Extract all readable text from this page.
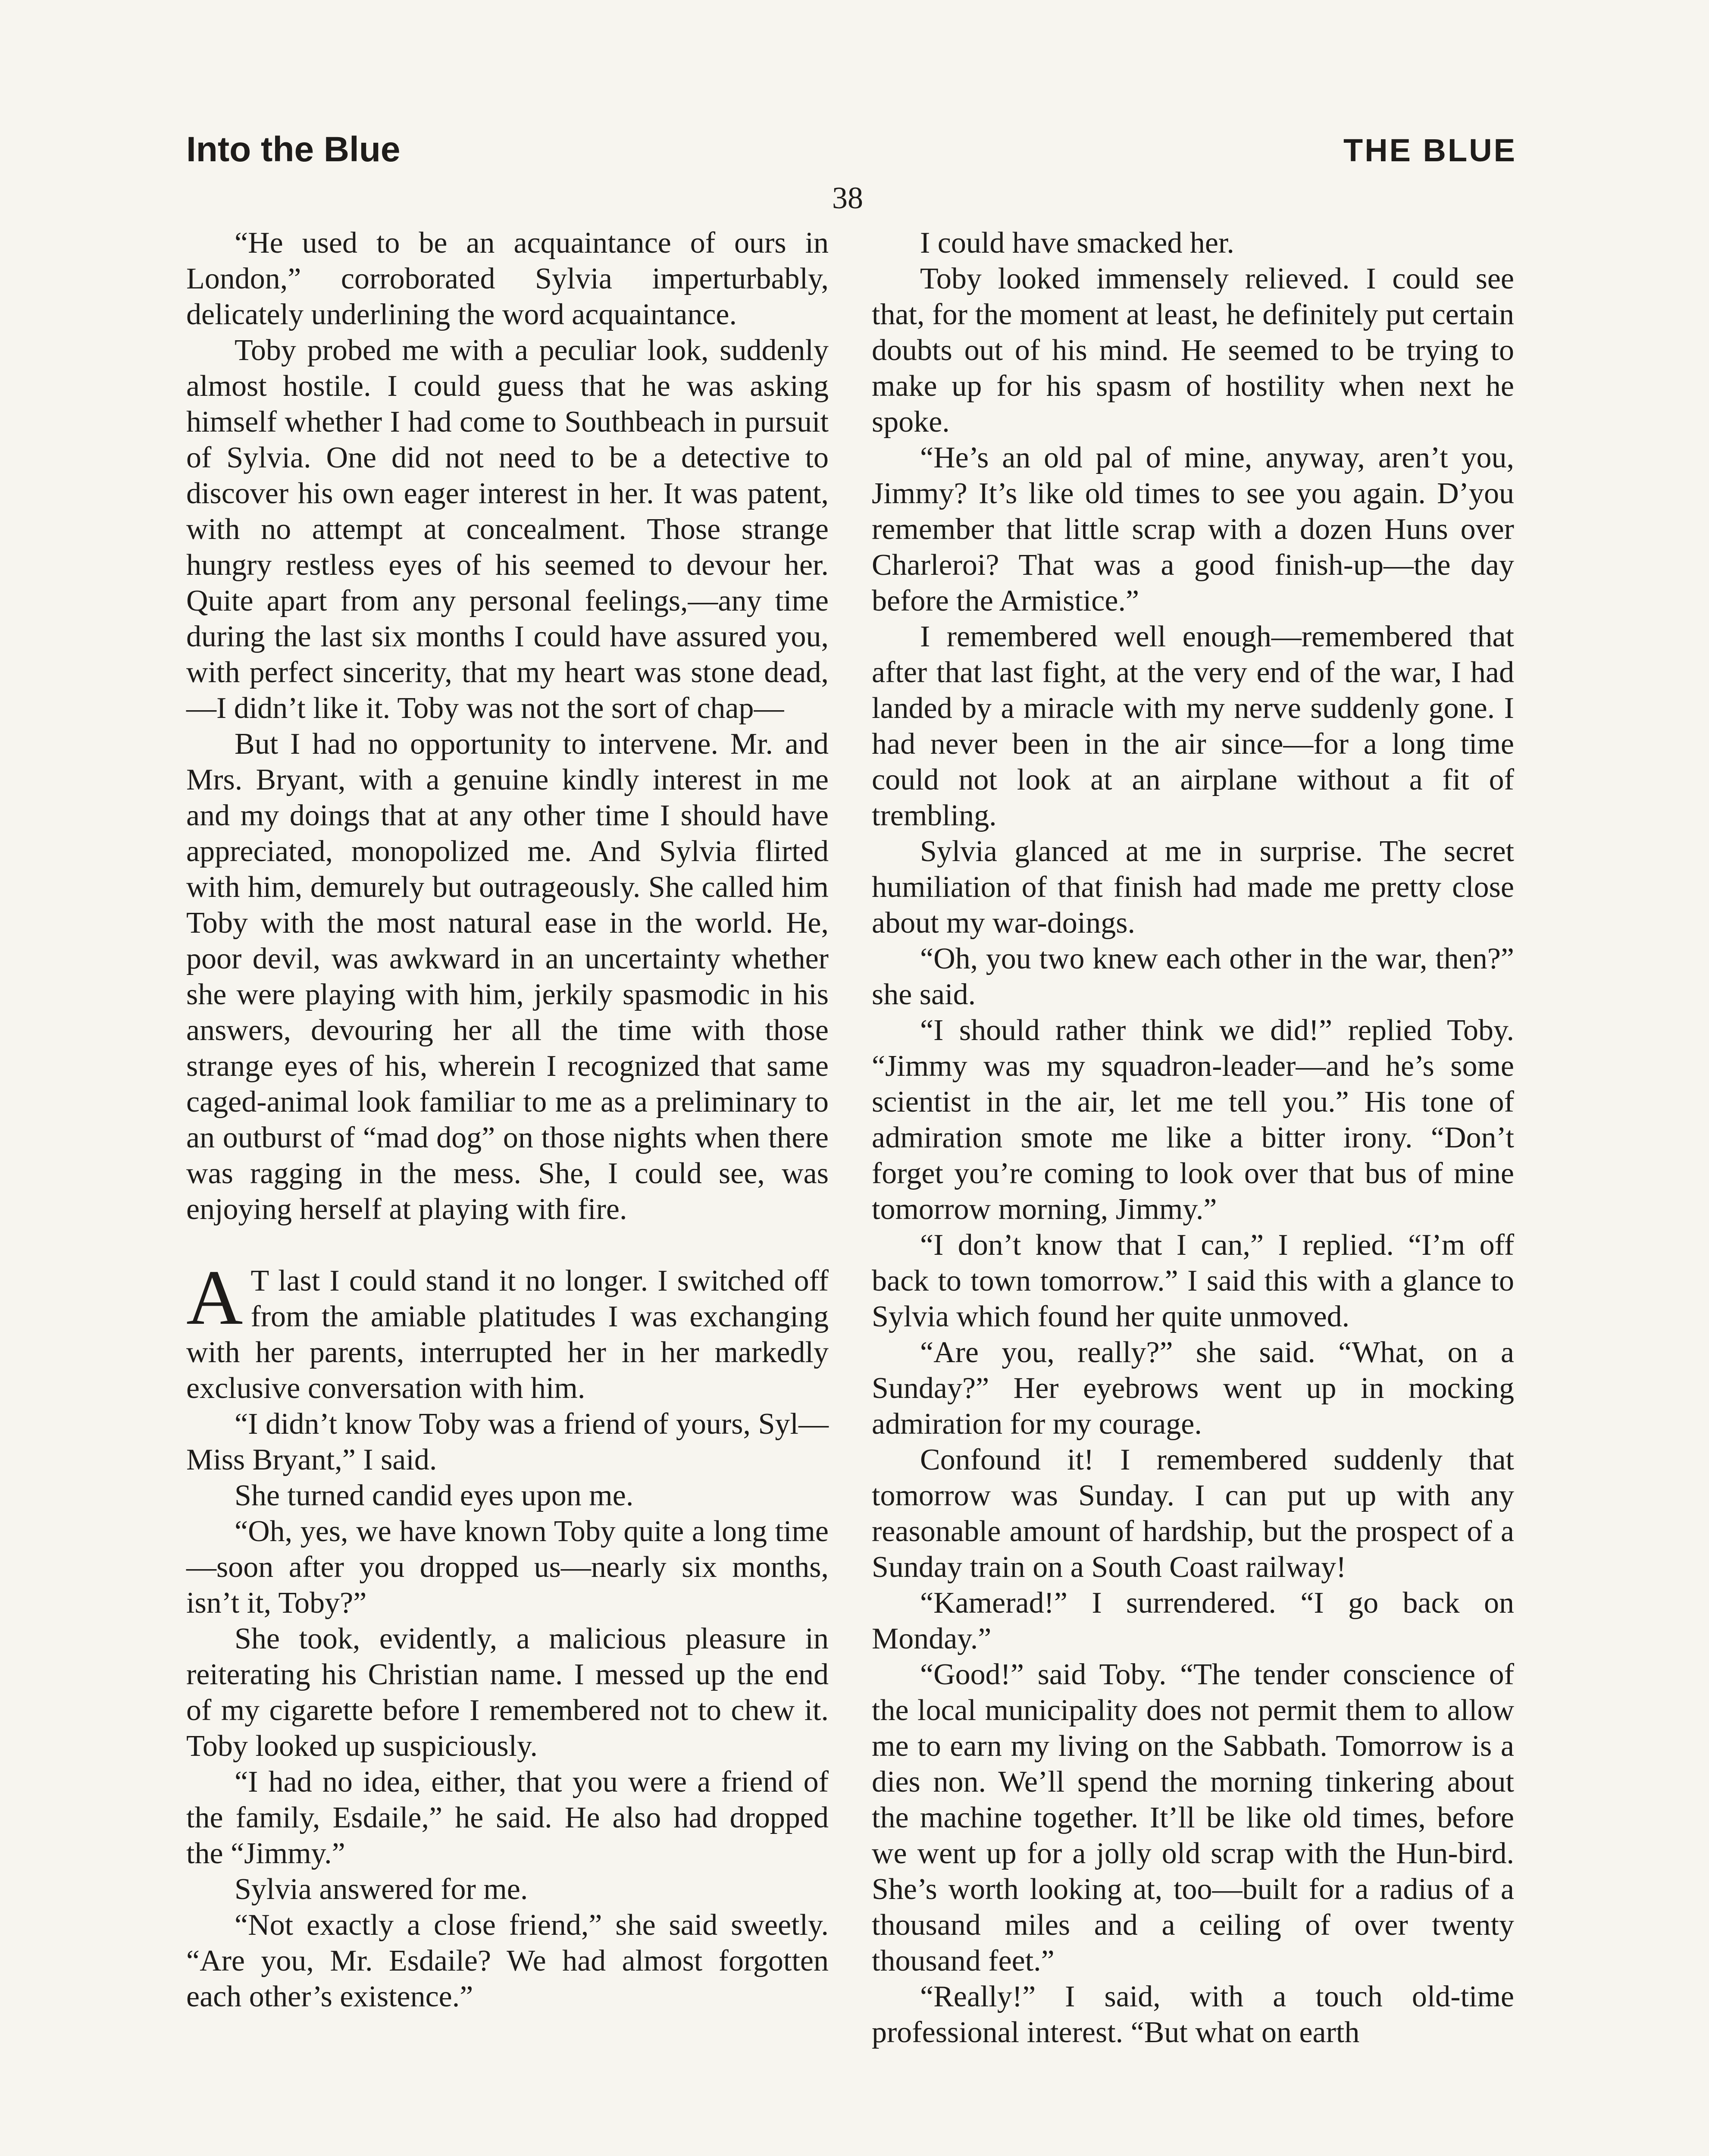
Into the Blue	THE BLUE
38

“He used to be an acquaintance of ours in London,” corroborated Sylvia imperturbably, delicately underlining the word acquaintance.

Toby probed me with a peculiar look, suddenly almost hostile. I could guess that he was asking himself whether I had come to Southbeach in pursuit of Sylvia. One did not need to be a detective to discover his own eager interest in her. It was patent, with no attempt at concealment. Those strange hungry restless eyes of his seemed to devour her. Quite apart from any personal feelings,—any time during the last six months I could have assured you, with perfect sincerity, that my heart was stone dead,—I didn’t like it. Toby was not the sort of chap—

But I had no opportunity to intervene. Mr. and Mrs. Bryant, with a genuine kindly interest in me and my doings that at any other time I should have appreciated, monopolized me. And Sylvia flirted with him, demurely but outrageously. She called him Toby with the most natural ease in the world. He, poor devil, was awkward in an uncertainty whether she were playing with him, jerkily spasmodic in his answers, devouring her all the time with those strange eyes of his, wherein I recognized that same caged-animal look familiar to me as a preliminary to an outburst of “mad dog” on those nights when there was ragging in the mess. She, I could see, was enjoying herself at playing with fire.

A T last I could stand it no longer. I switched off from the amiable platitudes I was exchanging with her parents, interrupted her in her markedly exclusive conversation with him.

“I didn’t know Toby was a friend of yours, Syl—Miss Bryant,” I said.

She turned candid eyes upon me.

“Oh, yes, we have known Toby quite a long time—soon after you dropped us—nearly six months, isn’t it, Toby?”

She took, evidently, a malicious pleasure in reiterating his Christian name. I messed up the end of my cigarette before I remembered not to chew it. Toby looked up suspiciously.

“I had no idea, either, that you were a friend of the family, Esdaile,” he said. He also had dropped the “Jimmy.”

Sylvia answered for me.

“Not exactly a close friend,” she said sweetly. “Are you, Mr. Esdaile? We had almost forgotten each other’s existence.”

I could have smacked her.

Toby looked immensely relieved. I could see that, for the moment at least, he definitely put certain doubts out of his mind. He seemed to be trying to make up for his spasm of hostility when next he spoke.

“He’s an old pal of mine, anyway, aren’t you, Jimmy? It’s like old times to see you again. D’you remember that little scrap with a dozen Huns over Charleroi? That was a good finish-up—the day before the Armistice.”

I remembered well enough—remembered that after that last fight, at the very end of the war, I had landed by a miracle with my nerve suddenly gone. I had never been in the air since—for a long time could not look at an airplane without a fit of trembling.

Sylvia glanced at me in surprise. The secret humiliation of that finish had made me pretty close about my war-doings.

“Oh, you two knew each other in the war, then?” she said.

“I should rather think we did!” replied Toby. “Jimmy was my squadron-leader—and he’s some scientist in the air, let me tell you.” His tone of admiration smote me like a bitter irony. “Don’t forget you’re coming to look over that bus of mine tomorrow morning, Jimmy.”

“I don’t know that I can,” I replied. “I’m off back to town tomorrow.” I said this with a glance to Sylvia which found her quite unmoved.

“Are you, really?” she said. “What, on a Sunday?” Her eyebrows went up in mocking admiration for my courage.

Confound it! I remembered suddenly that tomorrow was Sunday. I can put up with any reasonable amount of hardship, but the prospect of a Sunday train on a South Coast railway!

“Kamerad!” I surrendered. “I go back on Monday.”

“Good!” said Toby. “The tender conscience of the local municipality does not permit them to allow me to earn my living on the Sabbath. Tomorrow is a dies non. We’ll spend the morning tinkering about the machine together. It’ll be like old times, before we went up for a jolly old scrap with the Hun-bird. She’s worth looking at, too—built for a radius of a thousand miles and a ceiling of over twenty thousand feet.”

“Really!” I said, with a touch old-time professional interest. “But what on earth
